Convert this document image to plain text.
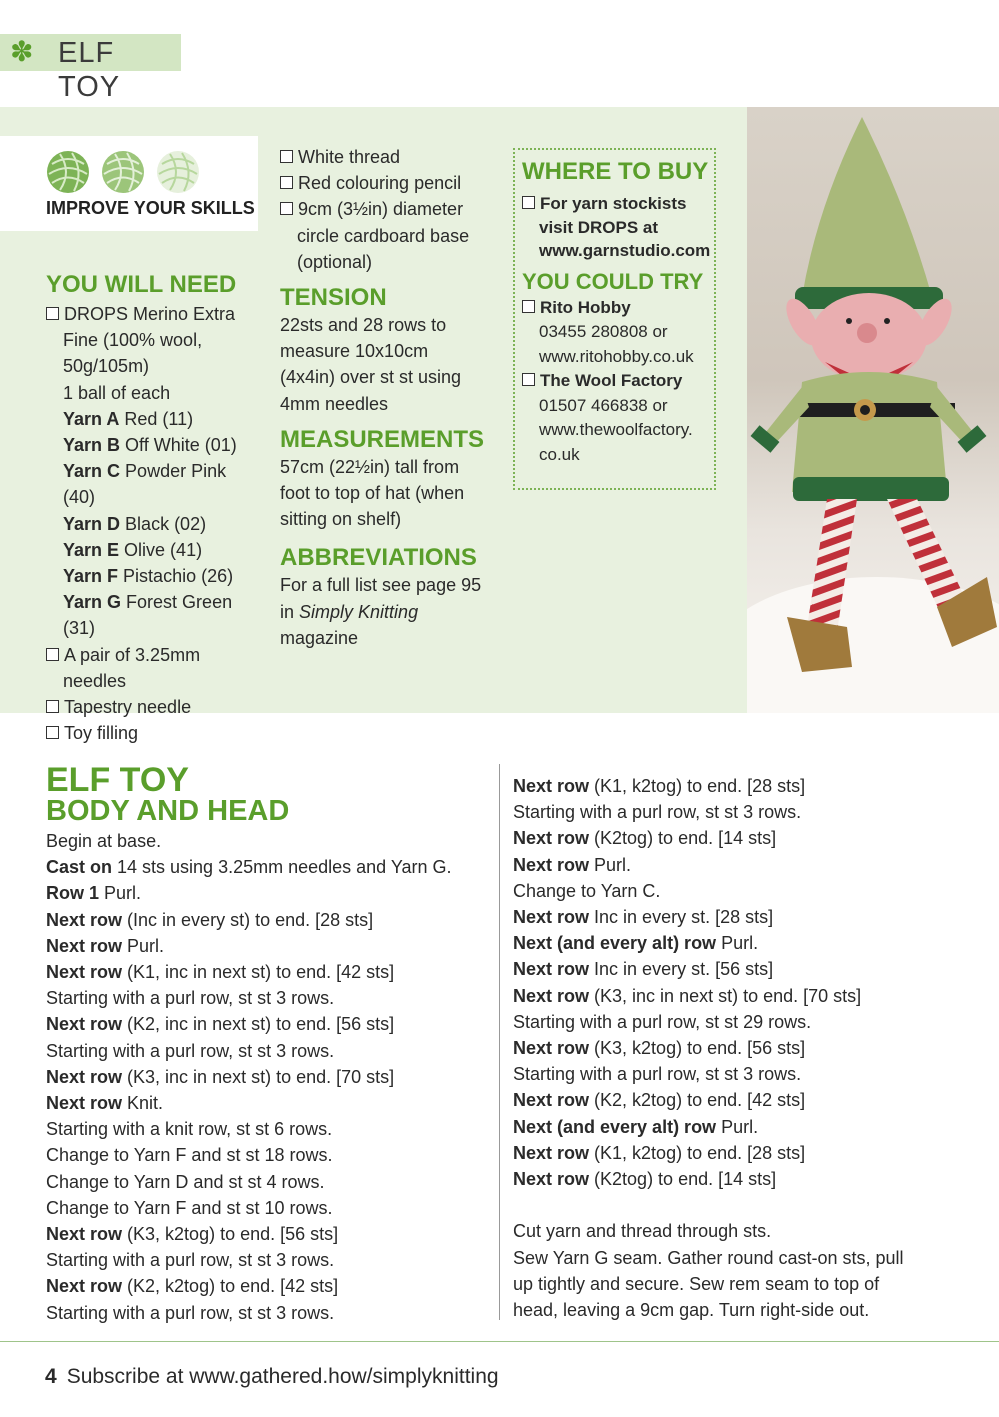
✽ ELF TOY
IMPROVE YOUR SKILLS
YOU WILL NEED
DROPS Merino Extra
Fine (100% wool,
50g/105m)
1 ball of each
Yarn A Red (11)
Yarn B Off White (01)
Yarn C Powder Pink (40)
Yarn D Black (02)
Yarn E Olive (41)
Yarn F Pistachio (26)
Yarn G Forest Green (31)
A pair of 3.25mm
needles
Tapestry needle
Toy filling
White thread
Red colouring pencil
9cm (3½in) diameter
circle cardboard base
(optional)
TENSION
22sts and 28 rows to
measure 10x10cm
(4x4in) over st st using
4mm needles
MEASUREMENTS
57cm (22½in) tall from
foot to top of hat (when
sitting on shelf)
ABBREVIATIONS
For a full list see page 95
in Simply Knitting
magazine
WHERE TO BUY
For yarn stockists
visit DROPS at
www.garnstudio.com
YOU COULD TRY
Rito Hobby
03455 280808 or
www.ritohobby.co.uk
The Wool Factory
01507 466838 or
www.thewoolfactory.
co.uk
ELF TOY
BODY AND HEAD
Begin at base.
Cast on 14 sts using 3.25mm needles and Yarn G.
Row 1 Purl.
Next row (Inc in every st) to end. [28 sts]
Next row Purl.
Next row (K1, inc in next st) to end. [42 sts]
Starting with a purl row, st st 3 rows.
Next row (K2, inc in next st) to end. [56 sts]
Starting with a purl row, st st 3 rows.
Next row (K3, inc in next st) to end. [70 sts]
Next row Knit.
Starting with a knit row, st st 6 rows.
Change to Yarn F and st st 18 rows.
Change to Yarn D and st st 4 rows.
Change to Yarn F and st st 10 rows.
Next row (K3, k2tog) to end. [56 sts]
Starting with a purl row, st st 3 rows.
Next row (K2, k2tog) to end. [42 sts]
Starting with a purl row, st st 3 rows.
Next row (K1, k2tog) to end. [28 sts]
Starting with a purl row, st st 3 rows.
Next row (K2tog) to end. [14 sts]
Next row Purl.
Change to Yarn C.
Next row Inc in every st. [28 sts]
Next (and every alt) row Purl.
Next row Inc in every st. [56 sts]
Next row (K3, inc in next st) to end. [70 sts]
Starting with a purl row, st st 29 rows.
Next row (K3, k2tog) to end. [56 sts]
Starting with a purl row, st st 3 rows.
Next row (K2, k2tog) to end. [42 sts]
Next (and every alt) row Purl.
Next row (K1, k2tog) to end. [28 sts]
Next row (K2tog) to end. [14 sts]
Cut yarn and thread through sts.
Sew Yarn G seam. Gather round cast-on sts, pull
up tightly and secure. Sew rem seam to top of
head, leaving a 9cm gap. Turn right-side out.
4 Subscribe at www.gathered.how/simplyknitting
